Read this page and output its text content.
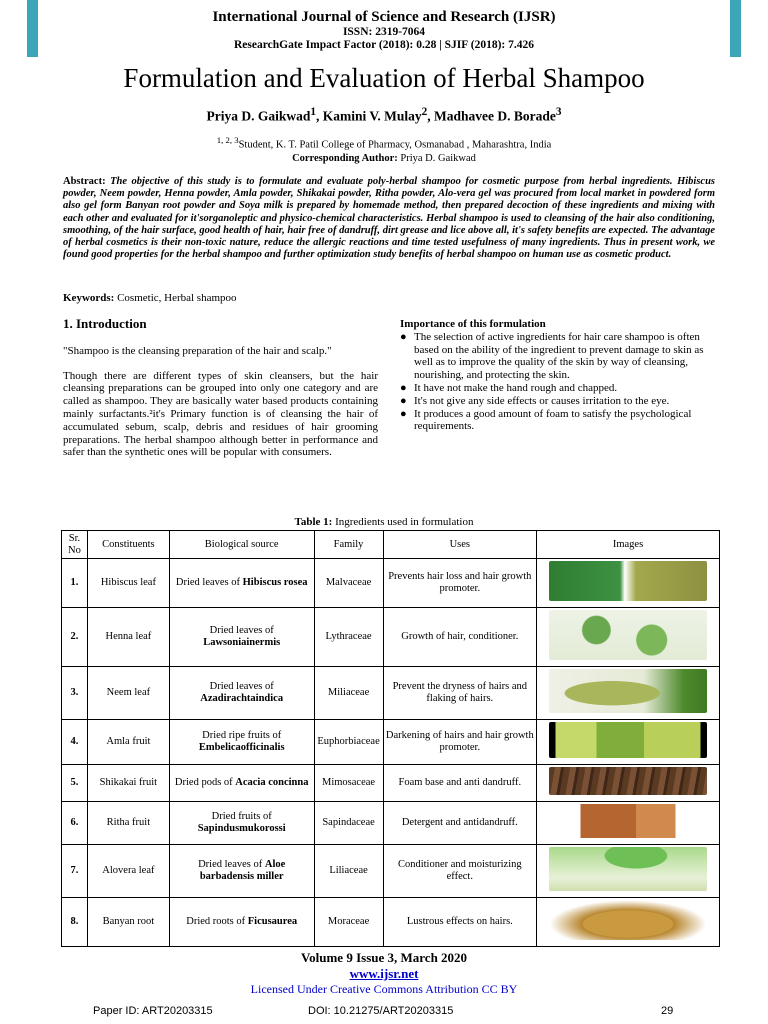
International Journal of Science and Research (IJSR)
ISSN: 2319-7064
ResearchGate Impact Factor (2018): 0.28 | SJIF (2018): 7.426
Formulation and Evaluation of Herbal Shampoo
Priya D. Gaikwad$^1$, Kamini V. Mulay$^2$, Madhavee D. Borade$^3$
$^{1, 2, 3}$Student, K. T. Patil College of Pharmacy, Osmanabad , Maharashtra, India
Corresponding Author: Priya D. Gaikwad
Abstract: The objective of this study is to formulate and evaluate poly-herbal shampoo for cosmetic purpose from herbal ingredients. Hibiscus powder, Neem powder, Henna powder, Amla powder, Shikakai powder, Ritha powder, Alo-vera gel was procured from local market in powdered form also gel form Banyan root powder and Soya milk is prepared by homemade method, then prepared decoction of these ingredients and mixing with each other and evaluated for it'sorganoleptic and physico-chemical characteristics. Herbal shampoo is used to cleansing of the hair also conditioning, smoothing, of the hair surface, good health of hair, hair free of dandruff, dirt grease and lice above all, it's safety benefits are expected. The advantage of herbal cosmetics is their non-toxic nature, reduce the allergic reactions and time tested usefulness of many ingredients. Thus in present work, we found good properties for the herbal shampoo and further optimization study benefits of herbal shampoo on human use as cosmetic product.
Keywords: Cosmetic, Herbal shampoo
1. Introduction

"Shampoo is the cleansing preparation of the hair and scalp."

Though there are different types of skin cleansers, but the hair cleansing preparations can be grouped into only one category and are called as shampoo. They are basically water based products containing mainly surfactants.²it's Primary function is of cleansing the hair of accumulated sebum, scalp, debris and residues of hair grooming preparations. The herbal shampoo although better in performance and safer than the synthetic ones will be popular with consumers.

Importance of this formulation
● The selection of active ingredients for hair care shampoo is often based on the ability of the ingredient to prevent damage to skin as well as to improve the quality of the skin by way of cleansing, nourishing, and protecting the skin.
● It have not make the hand rough and chapped.
● It's not give any side effects or causes irritation to the eye.
● It produces a good amount of foam to satisfy the psychological requirements.
Table 1: Ingredients used in formulation
Sr. No	Constituents	Biological source	Family	Uses	Images
1.	Hibiscus leaf	Dried leaves of Hibiscus rosea	Malvaceae	Prevents hair loss and hair growth promoter.	
2.	Henna leaf	Dried leaves of Lawsoniainermis	Lythraceae	Growth of hair, conditioner.	
3.	Neem leaf	Dried leaves of Azadirachtaindica	Miliaceae	Prevent the dryness of hairs and flaking of hairs.	
4.	Amla fruit	Dried ripe fruits of Embelicaofficinalis	Euphorbiaceae	Darkening of hairs and hair growth promoter.	
5.	Shikakai fruit	Dried pods of Acacia concinna	Mimosaceae	Foam base and anti dandruff.	
6.	Ritha fruit	Dried fruits of Sapindusmukorossi	Sapindaceae	Detergent and antidandruff.	
7.	Alovera leaf	Dried leaves of Aloe barbadensis miller	Liliaceae	Conditioner and moisturizing effect.	
8.	Banyan root	Dried roots of Ficusaurea	Moraceae	Lustrous effects on hairs.	
Volume 9 Issue 3, March 2020
www.ijsr.net
Licensed Under Creative Commons Attribution CC BY
Paper ID: ART20203315	DOI: 10.21275/ART20203315	29
